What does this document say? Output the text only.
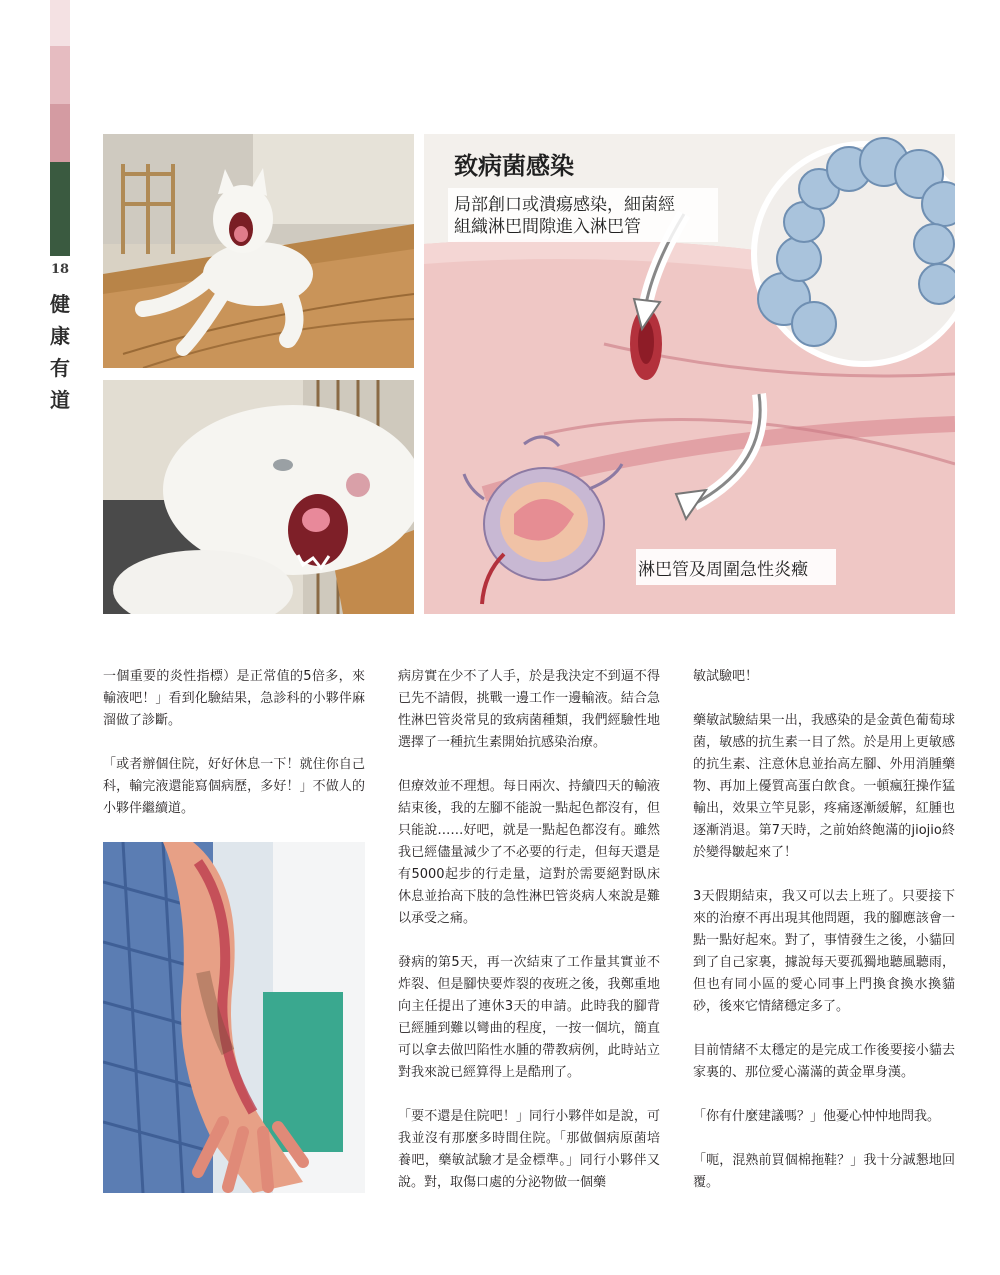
18
健
康
有
道
致病菌感染
局部創口或潰瘍感染，細菌經
組織淋巴間隙進入淋巴管
淋巴管及周圍急性炎癥

一個重要的炎性指標）是正常值的5倍多，來輸液吧！」看到化驗結果，急診科的小夥伴麻溜做了診斷。

「或者辦個住院，好好休息一下！就住你自己科，輸完液還能寫個病歷，多好！」不做人的小夥伴繼續道。

病房實在少不了人手，於是我決定不到逼不得已先不請假，挑戰一邊工作一邊輸液。結合急性淋巴管炎常見的致病菌種類，我們經驗性地選擇了一種抗生素開始抗感染治療。

但療效並不理想。每日兩次、持續四天的輸液結束後，我的左腳不能說一點起色都沒有，但只能說……好吧，就是一點起色都沒有。雖然我已經儘量減少了不必要的行走，但每天還是有5000起步的行走量，這對於需要絕對臥床休息並抬高下肢的急性淋巴管炎病人來說是難以承受之痛。

發病的第5天，再一次結束了工作量其實並不炸裂、但是腳快要炸裂的夜班之後，我鄭重地向主任提出了連休3天的申請。此時我的腳背已經腫到難以彎曲的程度，一按一個坑，簡直可以拿去做凹陷性水腫的帶教病例，此時站立對我來說已經算得上是酷刑了。

「要不還是住院吧！」同行小夥伴如是說，可我並沒有那麼多時間住院。「那做個病原菌培養吧，藥敏試驗才是金標準。」同行小夥伴又說。對，取傷口處的分泌物做一個藥

敏試驗吧！

藥敏試驗結果一出，我感染的是金黃色葡萄球菌，敏感的抗生素一目了然。於是用上更敏感的抗生素、注意休息並抬高左腳、外用消腫藥物、再加上優質高蛋白飲食。一頓瘋狂操作猛輸出，效果立竿見影，疼痛逐漸緩解，紅腫也逐漸消退。第7天時，之前始終飽滿的jiojio終於變得皺起來了！

3天假期結束，我又可以去上班了。只要接下來的治療不再出現其他問題，我的腳應該會一點一點好起來。對了，事情發生之後，小貓回到了自己家裏，據說每天要孤獨地聽風聽雨，但也有同小區的愛心同事上門換食換水換貓砂，後來它情緒穩定多了。

目前情緒不太穩定的是完成工作後要接小貓去家裏的、那位愛心滿滿的黃金單身漢。

「你有什麼建議嗎？」他憂心忡忡地問我。

「呃，混熟前買個棉拖鞋？」我十分誠懇地回覆。
